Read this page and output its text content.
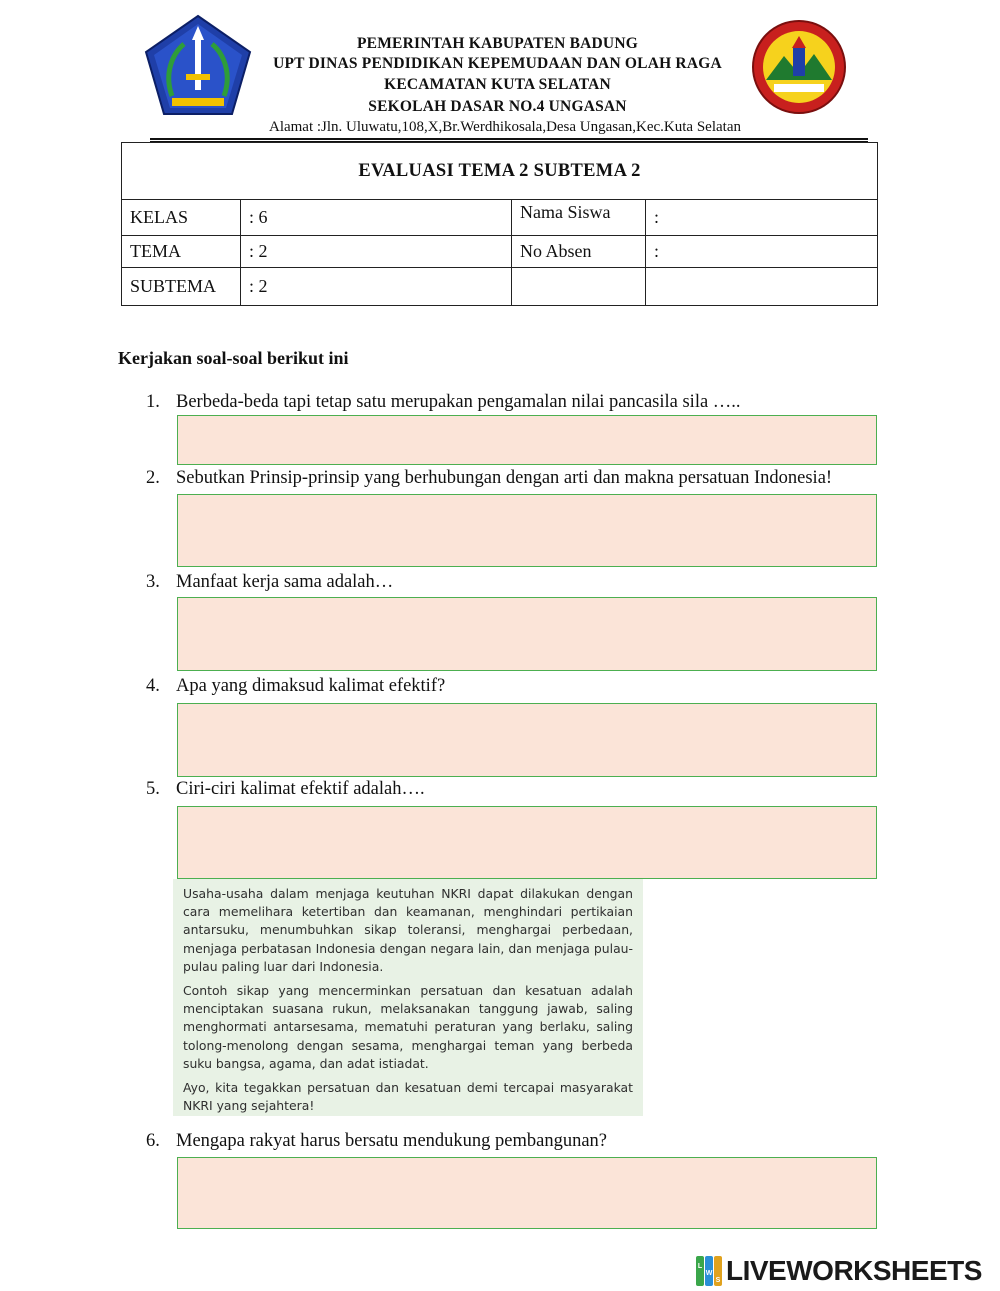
PEMERINTAH KABUPATEN BADUNG
UPT DINAS PENDIDIKAN KEPEMUDAAN DAN OLAH RAGA
KECAMATAN KUTA SELATAN
SEKOLAH DASAR NO.4 UNGASAN
Alamat :Jln. Uluwatu,108,X,Br.Werdhikosala,Desa Ungasan,Kec.Kuta Selatan
EVALUASI TEMA 2 SUBTEMA 2			
KELAS	: 6	Nama Siswa	:
TEMA	: 2	No Absen	:
SUBTEMA	: 2		
Kerjakan soal-soal berikut ini
1. Berbeda-beda tapi tetap satu merupakan pengamalan nilai pancasila sila …..
2. Sebutkan Prinsip-prinsip yang berhubungan dengan arti dan makna persatuan Indonesia!
3. Manfaat kerja sama adalah…
4. Apa yang dimaksud kalimat efektif?
5. Ciri-ciri kalimat efektif adalah….

Usaha-usaha dalam menjaga keutuhan NKRI dapat dilakukan dengan cara memelihara ketertiban dan keamanan, menghindari pertikaian antarsuku, menumbuhkan sikap toleransi, menghargai perbedaan, menjaga perbatasan Indonesia dengan negara lain, dan menjaga pulau-pulau paling luar dari Indonesia.

Contoh sikap yang mencerminkan persatuan dan kesatuan adalah menciptakan suasana rukun, melaksanakan tanggung jawab, saling menghormati antarsesama, mematuhi peraturan yang berlaku, saling tolong-menolong dengan sesama, menghargai teman yang berbeda suku bangsa, agama, dan adat istiadat.

Ayo, kita tegakkan persatuan dan kesatuan demi tercapai masyarakat NKRI yang sejahtera!

6. Mengapa rakyat harus bersatu mendukung pembangunan?
L
W
S LIVEWORKSHEETS
